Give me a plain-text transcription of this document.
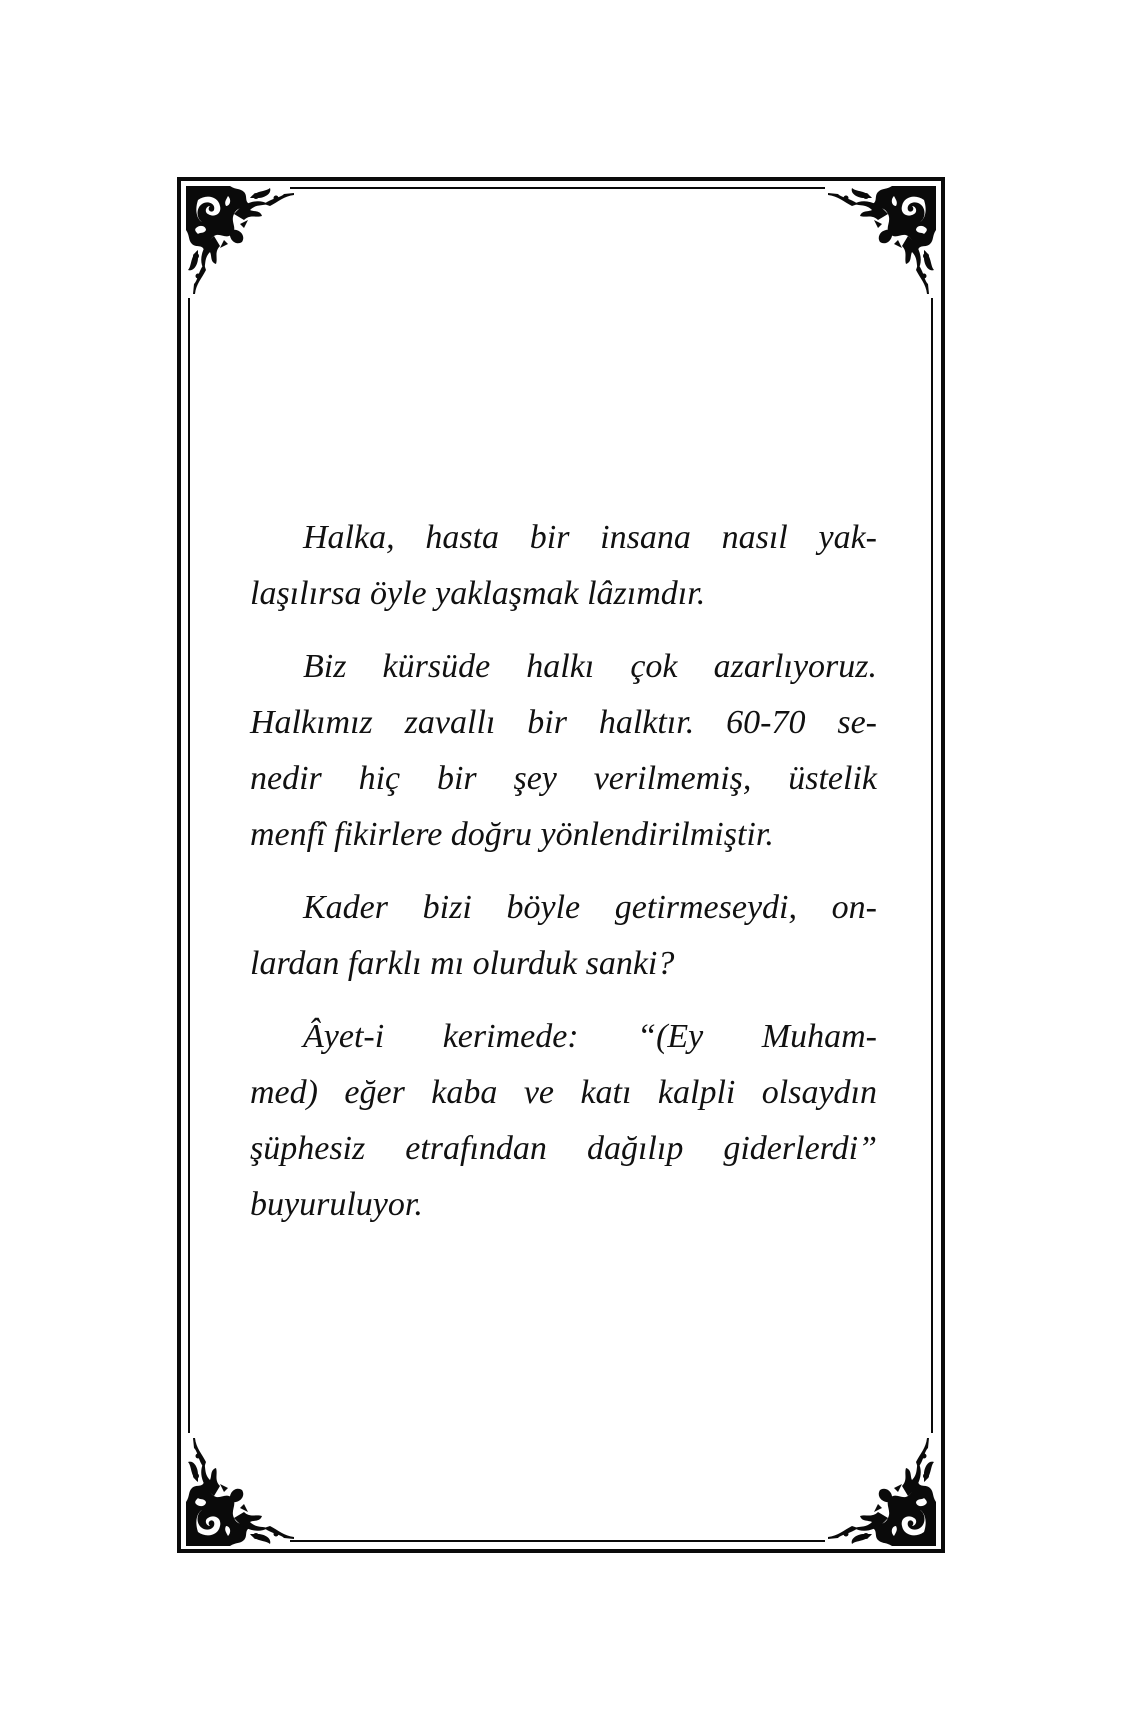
Halka, hasta bir insana nasıl yak-
laşılırsa öyle yaklaşmak lâzımdır.

Biz kürsüde halkı çok azarlıyoruz.
Halkımız zavallı bir halktır. 60-70 se-
nedir hiç bir şey verilmemiş, üstelik
menfî fikirlere doğru yönlendirilmiştir.

Kader bizi böyle getirmeseydi, on-
lardan farklı mı olurduk sanki?

Âyet-i kerimede: “(Ey Muham-
med) eğer kaba ve katı kalpli olsaydın
şüphesiz etrafından dağılıp giderlerdi”
buyuruluyor.
